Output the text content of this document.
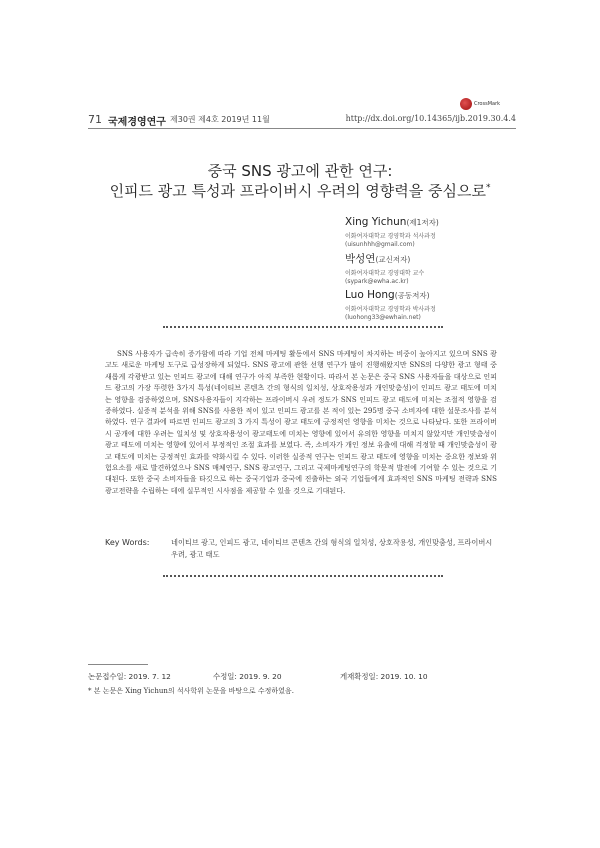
71 국제경영연구 제30권 제4호 2019년 11월	http://dx.doi.org/10.14365/ijb.2019.30.4.4
CrossMark
중국 SNS 광고에 관한 연구:
인피드 광고 특성과 프라이버시 우려의 영향력을 중심으로*
Xing Yichun(제1저자)
이화여자대학교 경영학과 석사과정
(uisunhhh@gmail.com)
박성연(교신저자)
이화여자대학교 경영대학 교수
(sypark@ewha.ac.kr)
Luo Hong(공동저자)
이화여자대학교 경영학과 박사과정
(luohong33@ewhain.net)

SNS 사용자가 급속히 증가함에 따라 기업 전체 마케팅 활동에서 SNS 마케팅이 차지하는 비중이 높아지고 있으며 SNS 광고도 새로운 마케팅 도구로 급성장하게 되었다. SNS 광고에 관한 선행 연구가 많이 진행해왔지만 SNS의 다양한 광고 형태 중 새롭게 각광받고 있는 인피드 광고에 대해 연구가 아직 부족한 현황이다. 따라서 본 논문은 중국 SNS 사용자들을 대상으로 인피드 광고의 가장 뚜렷한 3가지 특성(네이티브 콘텐츠 간의 형식의 일치성, 상호작용성과 개인맞춤성)이 인피드 광고 태도에 미치는 영향을 검증하였으며, SNS사용자들이 지각하는 프라이버시 우려 정도가 SNS 인피드 광고 태도에 미치는 조절적 영향을 검증하였다. 실증적 분석을 위해 SNS를 사용한 적이 있고 인피드 광고를 본 적이 있는 295명 중국 소비자에 대한 설문조사를 분석하였다. 연구 결과에 따르면 인피드 광고의 3 가지 특성이 광고 태도에 긍정적인 영향을 미치는 것으로 나타났다. 또한 프라이버시 공개에 대한 우려는 일치성 및 상호작용성이 광고태도에 미치는 영향에 있어서 유의한 영향을 미치지 않았지만 개인맞춤성이 광고 태도에 미치는 영향에 있어서 부정적인 조절 효과를 보였다. 즉, 소비자가 개인 정보 유출에 대해 걱정할 때 개인맞춤성이 광고 태도에 미치는 긍정적인 효과를 약화시킬 수 있다. 이러한 실증적 연구는 인피드 광고 태도에 영향을 미치는 중요한 정보와 위험요소를 새로 발견하였으나 SNS 매체연구, SNS 광고연구, 그리고 국제마케팅연구의 학문적 발전에 기여할 수 있는 것으로 기대된다. 또한 중국 소비자들을 타깃으로 하는 중국기업과 중국에 진출하는 외국 기업들에게 효과적인 SNS 마케팅 전략과 SNS 광고전략을 수립하는 데에 실무적인 시사점을 제공할 수 있을 것으로 기대된다.

Key Words:	네이티브 광고, 인피드 광고, 네이티브 콘텐츠 간의 형식의 일치성, 상호작용성, 개인맞춤성, 프라이버시 우려, 광고 태도
논문접수일: 2019. 7. 12	수정일: 2019. 9. 20	게재확정일: 2019. 10. 10
* 본 논문은 Xing Yichun의 석사학위 논문을 바탕으로 수정하였음.
